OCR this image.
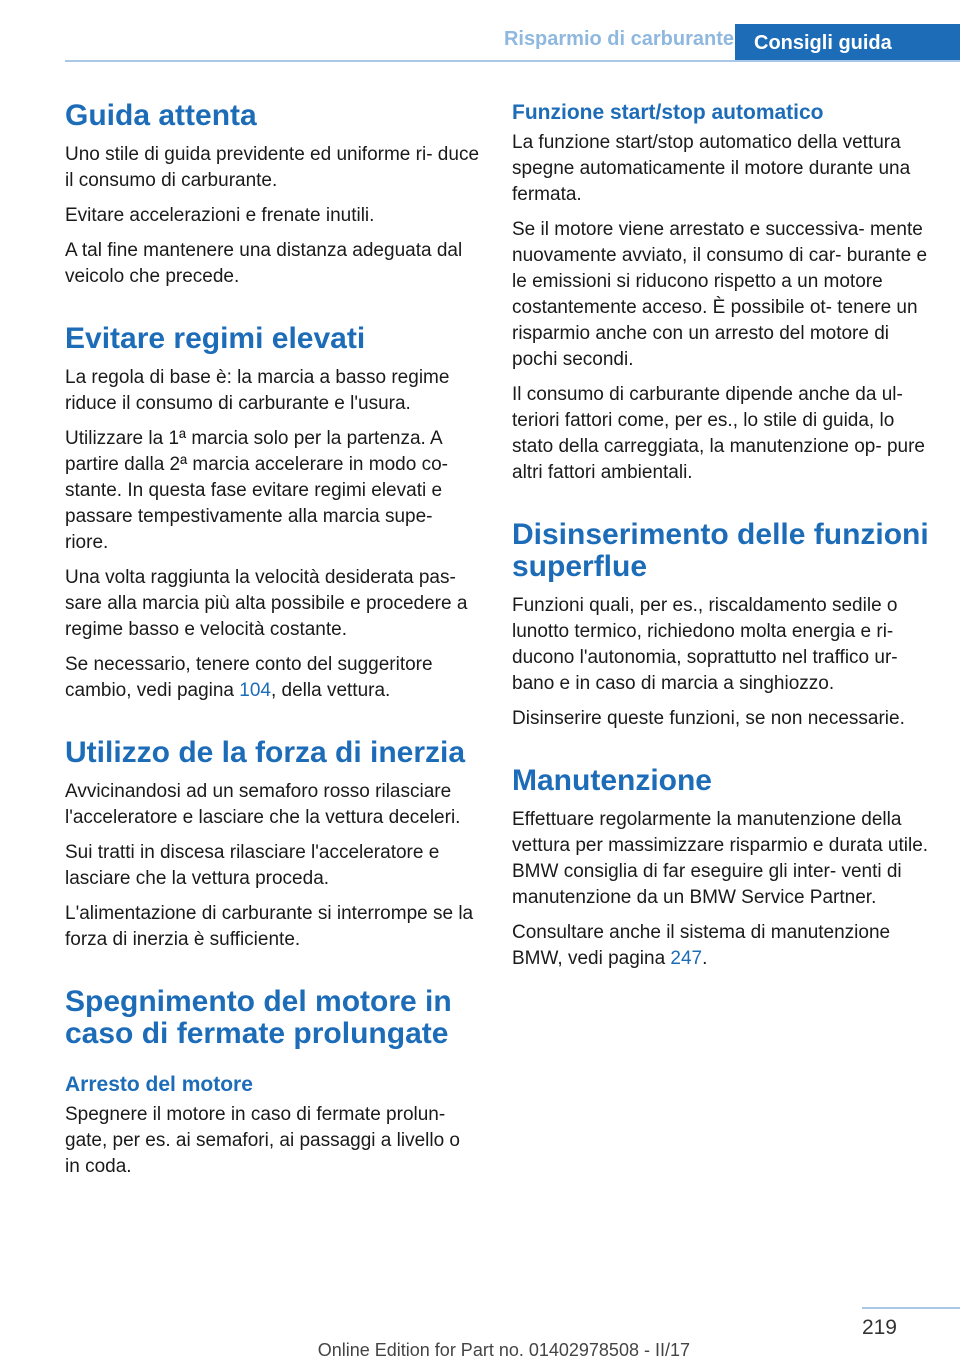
Risparmio di carburante	Consigli guida
Guida attenta
Uno stile di guida previdente ed uniforme ri- duce il consumo di carburante.
Evitare accelerazioni e frenate inutili.
A tal fine mantenere una distanza adeguata dal veicolo che precede.
Evitare regimi elevati
La regola di base è: la marcia a basso regime riduce il consumo di carburante e l'usura.
Utilizzare la 1ª marcia solo per la partenza. A partire dalla 2ª marcia accelerare in modo co- stante. In questa fase evitare regimi elevati e passare tempestivamente alla marcia supe- riore.
Una volta raggiunta la velocità desiderata pas- sare alla marcia più alta possibile e procedere a regime basso e velocità costante.
Se necessario, tenere conto del suggeritore cambio, vedi pagina 104, della vettura.
Utilizzo de la forza di inerzia
Avvicinandosi ad un semaforo rosso rilasciare l'acceleratore e lasciare che la vettura deceleri.
Sui tratti in discesa rilasciare l'acceleratore e lasciare che la vettura proceda.
L'alimentazione di carburante si interrompe se la forza di inerzia è sufficiente.
Spegnimento del motore in caso di fermate prolungate
Arresto del motore
Spegnere il motore in caso di fermate prolun- gate, per es. ai semafori, ai passaggi a livello o in coda.
Funzione start/stop automatico
La funzione start/stop automatico della vettura spegne automaticamente il motore durante una fermata.
Se il motore viene arrestato e successiva- mente nuovamente avviato, il consumo di car- burante e le emissioni si riducono rispetto a un motore costantemente acceso. È possibile ot- tenere un risparmio anche con un arresto del motore di pochi secondi.
Il consumo di carburante dipende anche da ul- teriori fattori come, per es., lo stile di guida, lo stato della carreggiata, la manutenzione op- pure altri fattori ambientali.
Disinserimento delle funzioni superflue
Funzioni quali, per es., riscaldamento sedile o lunotto termico, richiedono molta energia e ri- ducono l'autonomia, soprattutto nel traffico ur- bano e in caso di marcia a singhiozzo.
Disinserire queste funzioni, se non necessarie.
Manutenzione
Effettuare regolarmente la manutenzione della vettura per massimizzare risparmio e durata utile. BMW consiglia di far eseguire gli inter- venti di manutenzione da un BMW Service Partner.
Consultare anche il sistema di manutenzione BMW, vedi pagina 247.
219
Online Edition for Part no. 01402978508 - II/17
